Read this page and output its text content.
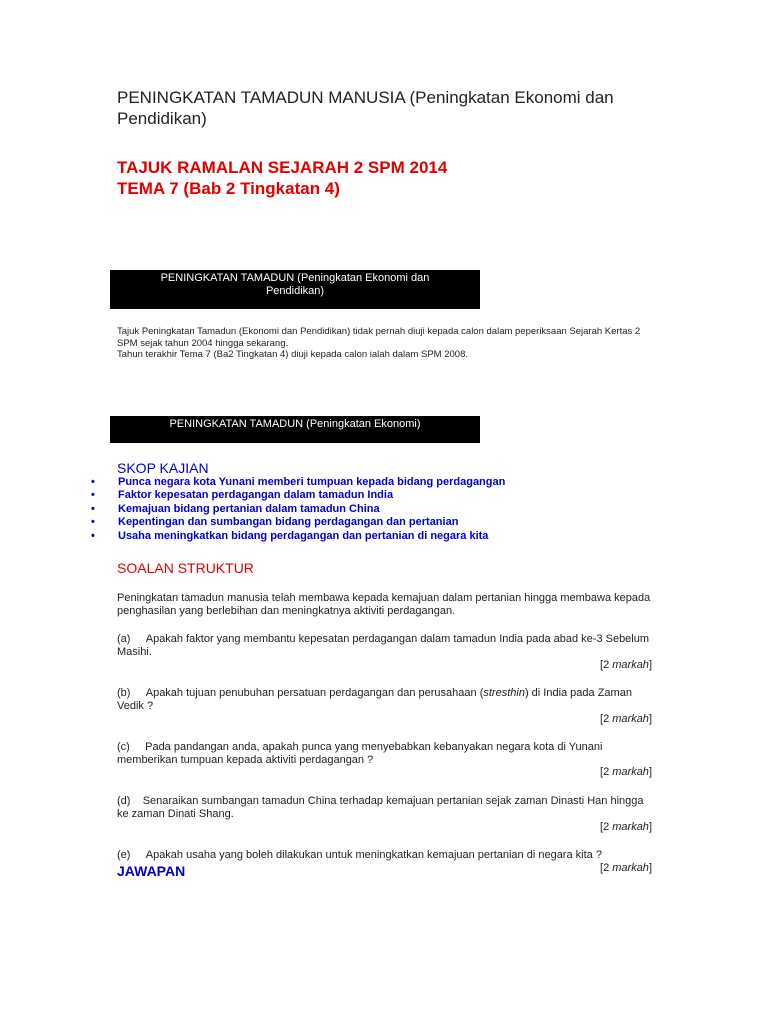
PENINGKATAN TAMADUN MANUSIA (Peningkatan Ekonomi dan Pendidikan)
TAJUK RAMALAN SEJARAH 2 SPM 2014
TEMA 7 (Bab 2 Tingkatan 4)
PENINGKATAN TAMADUN (Peningkatan Ekonomi dan Pendidikan)

Tajuk Peningkatan Tamadun (Ekonomi dan Pendidikan) tidak pernah diuji kepada calon dalam peperiksaan Sejarah Kertas 2 SPM sejak tahun 2004 hingga sekarang.

Tahun terakhir Tema 7 (Ba2 Tingkatan 4) diuji kepada calon ialah dalam SPM 2008.

PENINGKATAN TAMADUN (Peningkatan Ekonomi)
SKOP KAJIAN
• Punca negara kota Yunani memberi tumpuan kepada bidang perdagangan
• Faktor kepesatan perdagangan dalam tamadun India
• Kemajuan bidang pertanian dalam tamadun China
• Kepentingan dan sumbangan bidang perdagangan dan pertanian
• Usaha meningkatkan bidang perdagangan dan pertanian di negara kita
SOALAN STRUKTUR

Peningkatan tamadun manusia telah membawa kepada kemajuan dalam pertanian hingga membawa kepada penghasilan yang berlebihan dan meningkatnya aktiviti perdagangan.

(a) Apakah faktor yang membantu kepesatan perdagangan dalam tamadun India pada abad ke-3 Sebelum Masihi.
[2 markah]
(b) Apakah tujuan penubuhan persatuan perdagangan dan perusahaan (stresthin) di India pada Zaman Vedik ?
[2 markah]
(c) Pada pandangan anda, apakah punca yang menyebabkan kebanyakan negara kota di Yunani memberikan tumpuan kepada aktiviti perdagangan ?
[2 markah]
(d) Senaraikan sumbangan tamadun China terhadap kemajuan pertanian sejak zaman Dinasti Han hingga ke zaman Dinati Shang.
[2 markah]
(e) Apakah usaha yang boleh dilakukan untuk meningkatkan kemajuan pertanian di negara kita ?
[2 markah]
JAWAPAN
